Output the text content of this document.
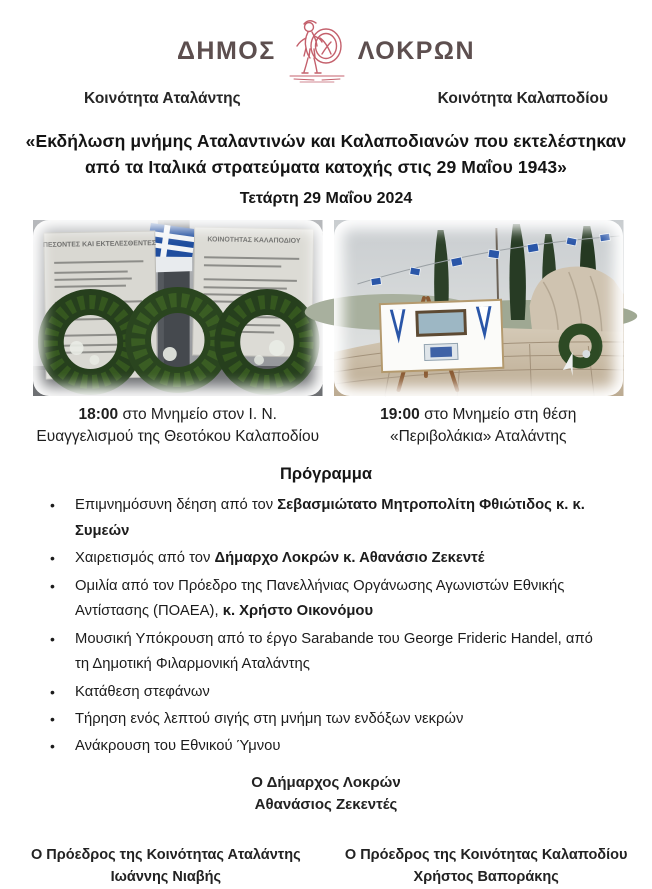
ΔΗΜΟΣ	ΛΟΚΡΩΝ
Κοινότητα Αταλάντης	Κοινότητα Καλαποδίου
«Εκδήλωση μνήμης Αταλαντινών και Καλαποδιανών που εκτελέστηκαν
από τα Ιταλικά στρατεύματα κατοχής στις 29 Μαΐου 1943»
Τετάρτη 29 Μαΐου 2024
ΠΕΣΟΝΤΕΣ ΚΑΙ ΕΚΤΕΛΕΣΘΕΝΤΕΣ	ΚΟΙΝΟΤΗΤΑΣ ΚΑΛΑΠΟΔΙΟΥ
18:00 στο Μνημείο στον Ι. Ν.
Ευαγγελισμού της Θεοτόκου Καλαποδίου
19:00 στο Μνημείο στη θέση
«Περιβολάκια» Αταλάντης
Πρόγραμμα
• Επιμνημόσυνη δέηση από τον Σεβασμιώτατο Μητροπολίτη Φθιώτιδος κ. κ. Συμεών
• Χαιρετισμός από τον Δήμαρχο Λοκρών κ. Αθανάσιο Ζεκεντέ
• Ομιλία από τον Πρόεδρο της Πανελλήνιας Οργάνωσης Αγωνιστών Εθνικής Αντίστασης (ΠΟΑΕΑ), κ. Χρήστο Οικονόμου
• Μουσική Υπόκρουση από το έργο Sarabande του George Frideric Handel, από τη Δημοτική Φιλαρμονική Αταλάντης
• Κατάθεση στεφάνων
• Τήρηση ενός λεπτού σιγής στη μνήμη των ενδόξων νεκρών
• Ανάκρουση του Εθνικού Ύμνου
Ο Δήμαρχος Λοκρών
Αθανάσιος Ζεκεντές
Ο Πρόεδρος της Κοινότητας Αταλάντης
Ιωάννης Νιαβής
Ο Πρόεδρος της Κοινότητας Καλαποδίου
Χρήστος Βαποράκης
